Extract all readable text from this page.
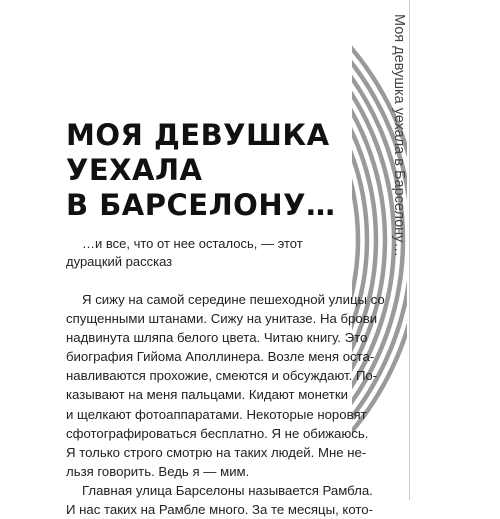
Моя девушка уехала в Барселону…
МОЯ ДЕВУШКА
УЕХАЛА
В БАРСЕЛОНУ…

…и все, что от нее осталось, — этот дурацкий рассказ

Я сижу на самой середине пешеходной улицы со
спущенными штанами. Сижу на унитазе. На брови
надвинута шляпа белого цвета. Читаю книгу. Это
биография Гийома Аполлинера. Возле меня оста-
навливаются прохожие, смеются и обсуждают. По-
казывают на меня пальцами. Кидают монетки
и щелкают фотоаппаратами. Некоторые норовят
сфотографироваться бесплатно. Я не обижаюсь.
Я только строго смотрю на таких людей. Мне не-
льзя говорить. Ведь я — мим.
Главная улица Барселоны называется Рамбла.
И нас таких на Рамбле много. За те месяцы, кото-
